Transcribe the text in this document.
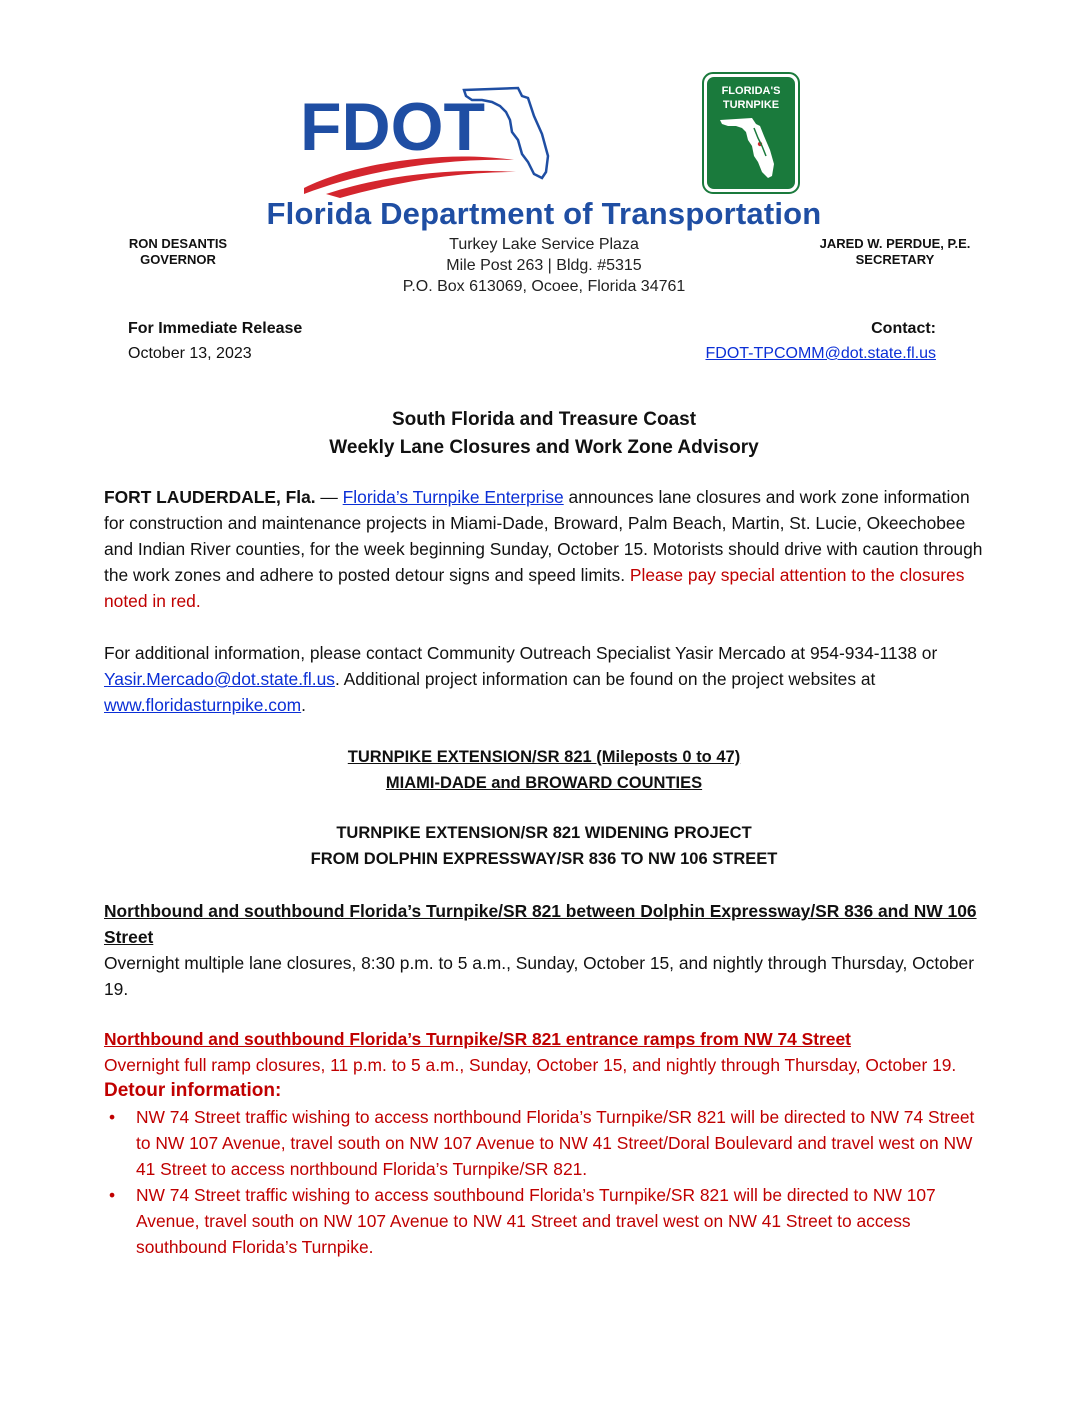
FDOT	FLORIDA'S
TURNPIKE
Florida Department of Transportation
RON DESANTIS
GOVERNOR
Turkey Lake Service Plaza
Mile Post 263 | Bldg. #5315
P.O. Box 613069, Ocoee, Florida 34761
JARED W. PERDUE, P.E.
SECRETARY
For Immediate Release
October 13, 2023
Contact:
FDOT-TPCOMM@dot.state.fl.us
South Florida and Treasure Coast
Weekly Lane Closures and Work Zone Advisory
FORT LAUDERDALE, Fla. — Florida’s Turnpike Enterprise announces lane closures and work zone information for construction and maintenance projects in Miami-Dade, Broward, Palm Beach, Martin, St. Lucie, Okeechobee and Indian River counties, for the week beginning Sunday, October 15. Motorists should drive with caution through the work zones and adhere to posted detour signs and speed limits. Please pay special attention to the closures noted in red.
For additional information, please contact Community Outreach Specialist Yasir Mercado at 954-934-1138 or Yasir.Mercado@dot.state.fl.us. Additional project information can be found on the project websites at www.floridasturnpike.com.
TURNPIKE EXTENSION/SR 821 (Mileposts 0 to 47)
MIAMI-DADE and BROWARD COUNTIES
TURNPIKE EXTENSION/SR 821 WIDENING PROJECT
FROM DOLPHIN EXPRESSWAY/SR 836 TO NW 106 STREET
Northbound and southbound Florida’s Turnpike/SR 821 between Dolphin Expressway/SR 836 and NW 106 Street
Overnight multiple lane closures, 8:30 p.m. to 5 a.m., Sunday, October 15, and nightly through Thursday, October 19.
Northbound and southbound Florida’s Turnpike/SR 821 entrance ramps from NW 74 Street
Overnight full ramp closures, 11 p.m. to 5 a.m., Sunday, October 15, and nightly through Thursday, October 19.
Detour information:
• NW 74 Street traffic wishing to access northbound Florida’s Turnpike/SR 821 will be directed to NW 74 Street to NW 107 Avenue, travel south on NW 107 Avenue to NW 41 Street/Doral Boulevard and travel west on NW 41 Street to access northbound Florida’s Turnpike/SR 821.
• NW 74 Street traffic wishing to access southbound Florida’s Turnpike/SR 821 will be directed to NW 107 Avenue, travel south on NW 107 Avenue to NW 41 Street and travel west on NW 41 Street to access southbound Florida’s Turnpike.
